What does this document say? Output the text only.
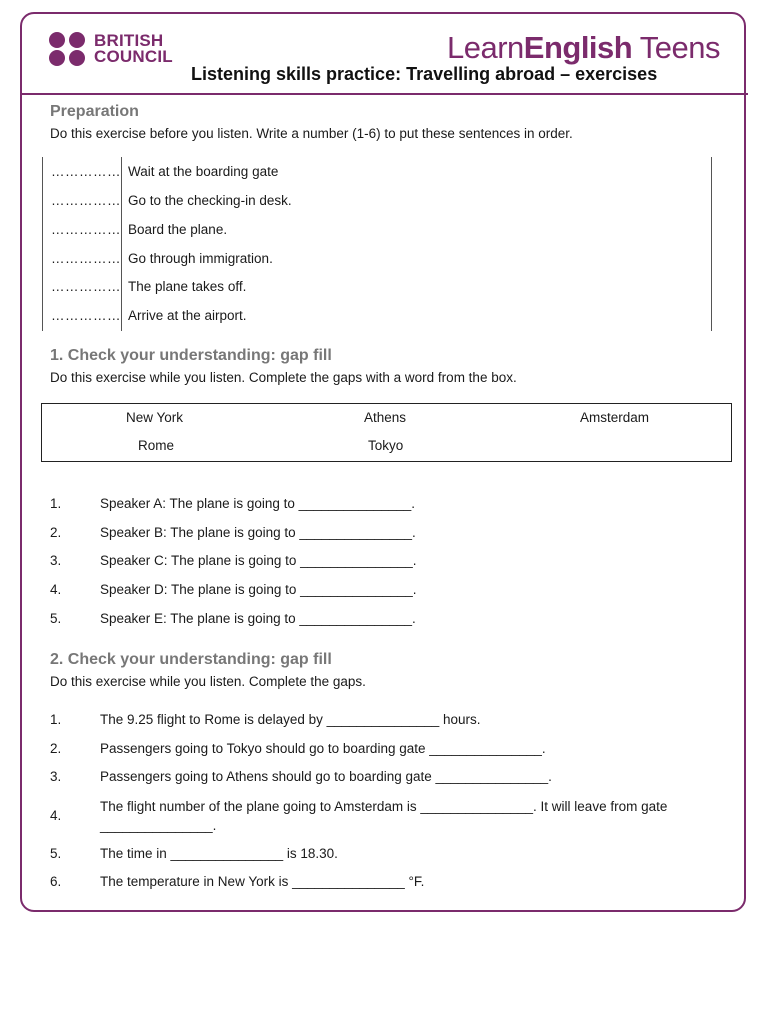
BRITISH
COUNCIL	LearnEnglish Teens
Listening skills practice: Travelling abroad – exercises
Preparation
Do this exercise before you listen. Write a number (1-6) to put these sentences in order.
…………… Wait at the boarding gate
…………… Go to the checking-in desk.
…………… Board the plane.
…………… Go through immigration.
…………… The plane takes off.
…………… Arrive at the airport.
1. Check your understanding: gap fill
Do this exercise while you listen. Complete the gaps with a word from the box.
New York	Athens	Amsterdam
Rome	Tokyo
1.	Speaker A: The plane is going to _______________.
2.	Speaker B: The plane is going to _______________.
3.	Speaker C: The plane is going to _______________.
4.	Speaker D: The plane is going to _______________.
5.	Speaker E: The plane is going to _______________.
2. Check your understanding: gap fill
Do this exercise while you listen. Complete the gaps.
1.	The 9.25 flight to Rome is delayed by _______________ hours.
2.	Passengers going to Tokyo should go to boarding gate _______________.
3.	Passengers going to Athens should go to boarding gate _______________.
4.
The flight number of the plane going to Amsterdam is _______________. It will leave from gate
_______________.
5.	The time in _______________ is 18.30.
6.	The temperature in New York is _______________ °F.
